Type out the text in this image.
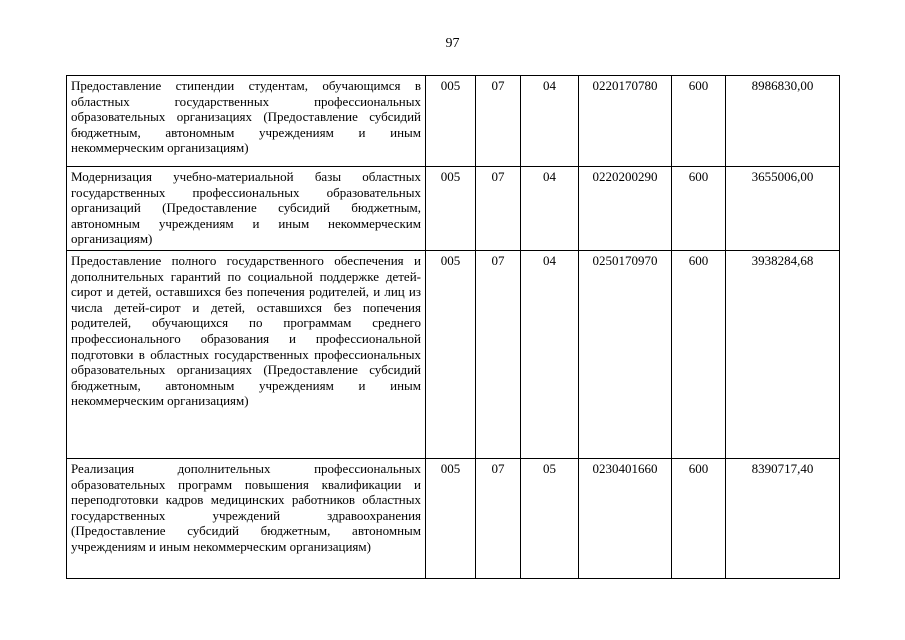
97
Предоставление стипендии студентам, обучающимся в областных государственных профессиональных образовательных организациях (Предоставление субсидий бюджетным, автономным учреждениям и иным некоммерческим организациям)	005	07	04	0220170780	600	8986830,00
Модернизация учебно-материальной базы областных государственных профессиональных образовательных организаций (Предоставление субсидий бюджетным, автономным учреждениям и иным некоммерческим организациям)	005	07	04	0220200290	600	3655006,00
Предоставление полного государственного обеспечения и дополнительных гарантий по социальной поддержке детей-сирот и детей, оставшихся без попечения родителей, и лиц из числа детей-сирот и детей, оставшихся без попечения родителей, обучающихся по программам среднего профессионального образования и профессиональной подготовки в областных государственных профессиональных образовательных организациях (Предоставление субсидий бюджетным, автономным учреждениям и иным некоммерческим организациям)	005	07	04	0250170970	600	3938284,68
Реализация дополнительных профессиональных образовательных программ повышения квалификации и переподготовки кадров медицинских работников областных государственных учреждений здравоохранения (Предоставление субсидий бюджетным, автономным учреждениям и иным некоммерческим организациям)	005	07	05	0230401660	600	8390717,40
